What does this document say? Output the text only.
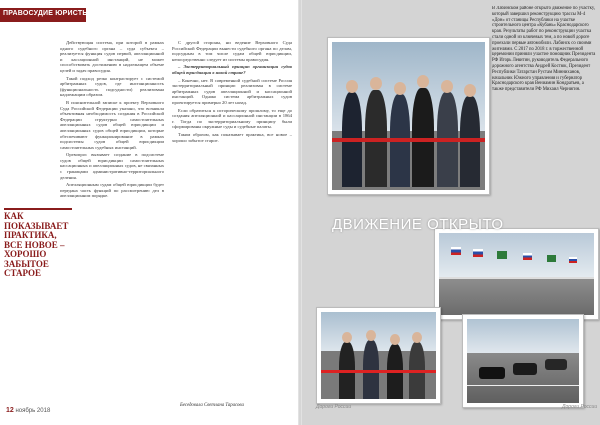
ПРАВОСУДИЕ ЮРИСТЫ
КАК ПОКАЗЫВАЕТ ПРАКТИКА, ВСЕ НОВОЕ – ХОРОШО ЗАБЫТОЕ СТАРОЕ

Действующая система, при которой в рамках одного судебного органа – суда субъекта – реализуется функция судов первой, апелляционной и кассационной инстанций, не может способствовать достижению в надлежащем объеме целей и задач правосудия.

Такой подход резко контрастирует с системой арбитражных судов, где инстанционность (функциональность подсудности) реализована надлежащим образом.

В пояснительной записке к проекту Верховного Суда Российской Федерации указано, что возникла объективная необходимость создания в Российской Федерации структурно самостоятельных апелляционных судов общей юрисдикции и апелляционных судов общей юрисдикции, которые обеспечивают функционирование в рамках подсистемы судов общей юрисдикции самостоятельных судебных инстанций.

Оргвопрос вызывает создание в подсистеме судов общей юрисдикции самостоятельных кассационных и апелляционных судов, не связанных с границами административно-территориального деления.

Апелляционным судам общей юрисдикции будет передана часть функций по рассмотрению дел в апелляционном порядке.

С другой стороны, ни ведение Верховного Суда Российской Федерации вынести судебного органа по делам, подсудным в том числе судам общей юрисдикции, непосредственно следует из системы правосудия.

– Экстерриториальный принцип организации судов общей юрисдикции в новой стране?

– Конечно, нет. В современной судебной системе Россия экстерриториальный принцип реализован в системе арбитражных судов апелляционной и кассационной инстанций. Однако система арбитражных судов проектируется примерно 20 лет назад.

Если обратиться к историческому прошлому, то еще до создания апелляционной и кассационной инстанции в 1864 г. Тогда по экстерриториальному принципу были сформированы окружные суды и судебные палаты.

Таким образом, как показывает практика, все новое – хорошо забытое старое.

Беседовала Светлана Тарасова
12 ноябрь 2018
В Лабинском районе открыто движение по участку, который завершил реконструкцию трассы М-4 «Дон» от станицы Республики на участке строительного центра «Кубань» Краснодарского края. Результаты работ по реконструкции участка стали одной из ключевых тем, а по новой дороге проехали первые автомобили. Лабинск со своими жителями. С 2017 по 2018 г. в торжественной церемонии приняли участие помощник Президента РФ Игорь Левитин, руководитель Федерального дорожного агентства Андрей Костюк, Президент Республики Татарстан Рустам Минниханов, начальник Южного управления и губернатор Краснодарского края Вениамин Кондратьев, а также представители РФ Михаил Чернигин.
ДВИЖЕНИЕ ОТКРЫТО
Дороги России	Дороги России
